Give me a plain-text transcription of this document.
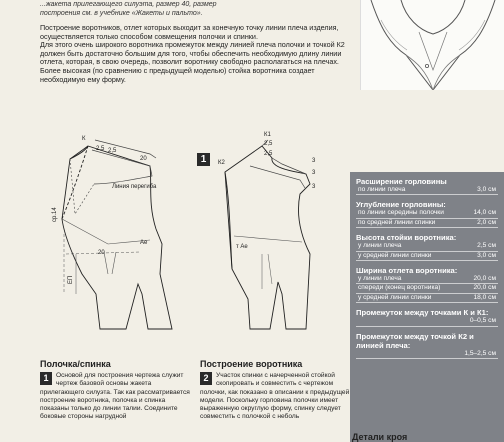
...жакета прилегающего силуэта, размер 40, размер
построения см. в учебнике «Жакеты и пальто».

Построение воротников, отлет которых выходит за конечную точку линии плеча изделия, осуществляется только способом совмещения полочки и спинки.

Для этого очень широкого воротника промежуток между линией плеча полочки и точкой К2 должен быть достаточно большим для того, чтобы обеспечить необходимую длину линии отлета, которая, в свою очередь, позволит воротнику свободно располагаться на плечах.

Более высокая (по сравнению с предыдущей моделью) стойка воротника создает необходимую ему форму.

К
2,5 2,5
20
Линия перегиба
ср.14
Ae
20
ЕП
К1
К2
2,5
2,5
3
3
3
т Ae
1
Расширение горловины
по линии плеча	3,0 см
Углубление горловины:
по линии середины полочки	14,0 см
по средней линии спинки	2,0 см
Высота стойки воротника:
у линии плеча	2,5 см
у средней линии спинки	3,0 см
Ширина отлета воротника:
у линии плеча	20,0 см
спереди (конец воротника)	20,0 см
у средней линии спинки	18,0 см
Промежуток между точками К и К1:
0–0,5 см
Промежуток между точкой К2 и линией плеча:
1,5–2,5 см
Полочка/спинка
1	Основой для построения чертежа служит чертеж базовой основы жакета прилегающего силуэта. Так как рассматривается построение воротника, полочка и спинка показаны только до линии талии. Соедините боковые стороны нагрудной
Построение воротника
2	Участок спинки с начерченной стойкой скопировать и совместить с чертежом полочки, как показано в описании к предыдущей модели. Поскольку горловина полочки имеет выраженную округлую форму, спинку следует совместить с полочкой с неболь
Детали кроя
